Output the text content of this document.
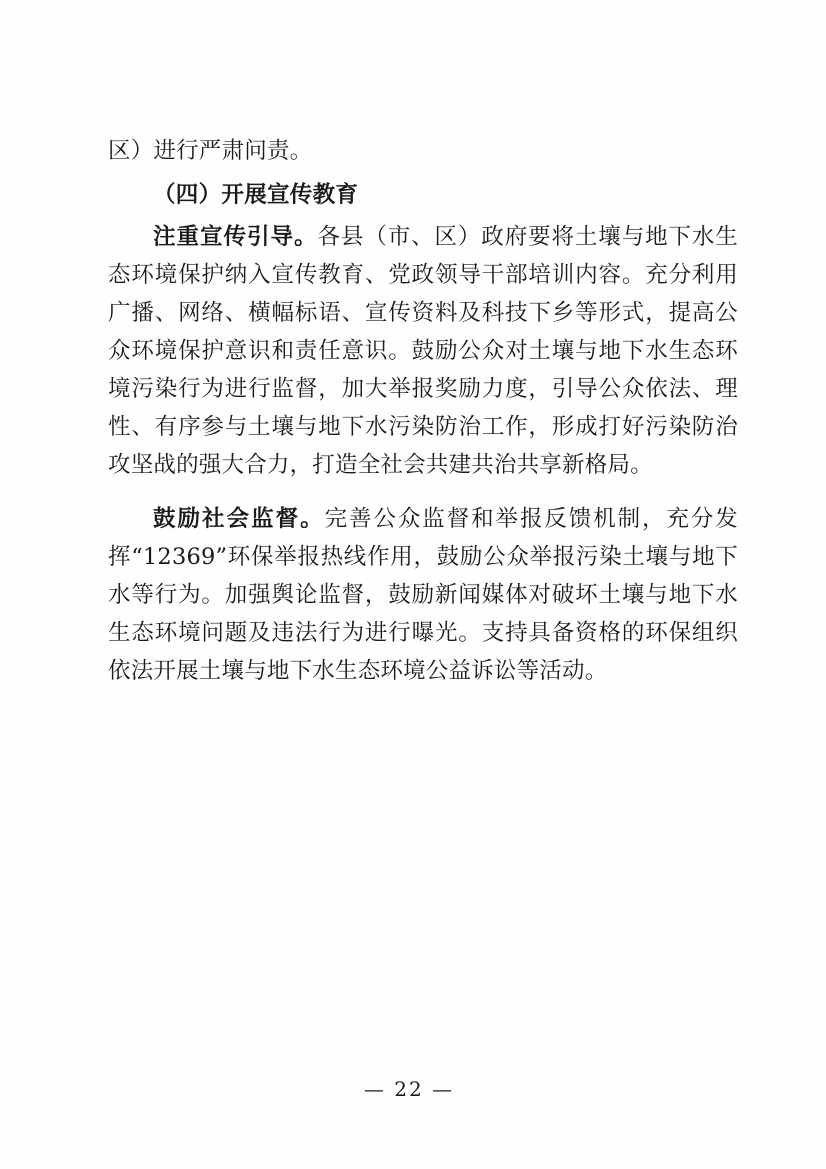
区）进行严肃问责。

（四）开展宣传教育

注重宣传引导。各县（市、区）政府要将土壤与地下水生态环境保护纳入宣传教育、党政领导干部培训内容。充分利用广播、网络、横幅标语、宣传资料及科技下乡等形式，提高公众环境保护意识和责任意识。鼓励公众对土壤与地下水生态环境污染行为进行监督，加大举报奖励力度，引导公众依法、理性、有序参与土壤与地下水污染防治工作，形成打好污染防治攻坚战的强大合力，打造全社会共建共治共享新格局。

鼓励社会监督。完善公众监督和举报反馈机制，充分发挥“12369”环保举报热线作用，鼓励公众举报污染土壤与地下水等行为。加强舆论监督，鼓励新闻媒体对破坏土壤与地下水生态环境问题及违法行为进行曝光。支持具备资格的环保组织依法开展土壤与地下水生态环境公益诉讼等活动。

— 22 —
